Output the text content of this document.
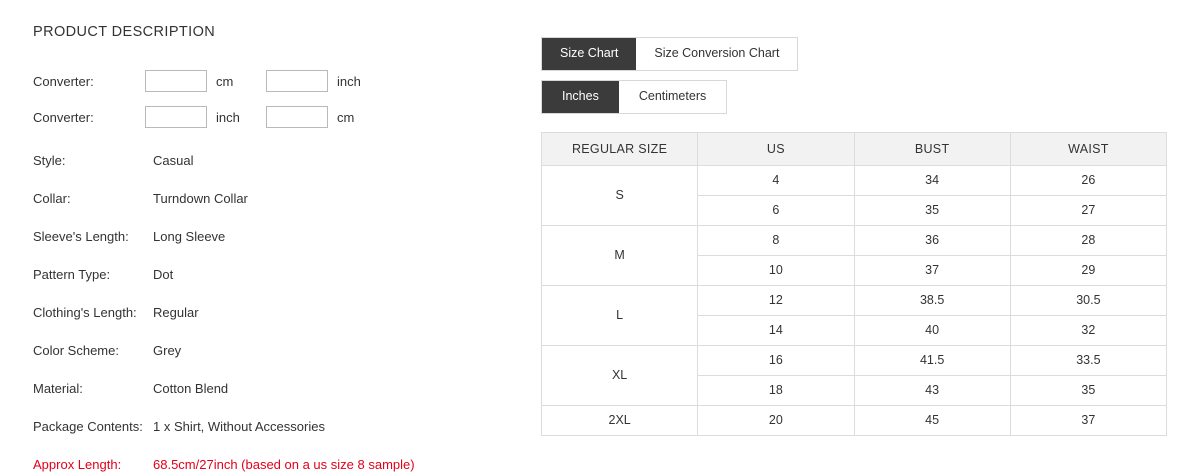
PRODUCT DESCRIPTION
Converter:	cm	inch
Converter:	inch	cm
Style:	Casual
Collar:	Turndown Collar
Sleeve's Length:	Long Sleeve
Pattern Type:	Dot
Clothing's Length:	Regular
Color Scheme:	Grey
Material:	Cotton Blend
Package Contents: 1 x Shirt, Without Accessories
Approx Length:	68.5cm/27inch (based on a us size 8 sample)
Size Chart	Size Conversion Chart
Inches	Centimeters
REGULAR SIZE	US	BUST	WAIST
S	4	34	26
	6	35	27
M	8	36	28
	10	37	29
L	12	38.5	30.5
	14	40	32
XL	16	41.5	33.5
	18	43	35
2XL	20	45	37
